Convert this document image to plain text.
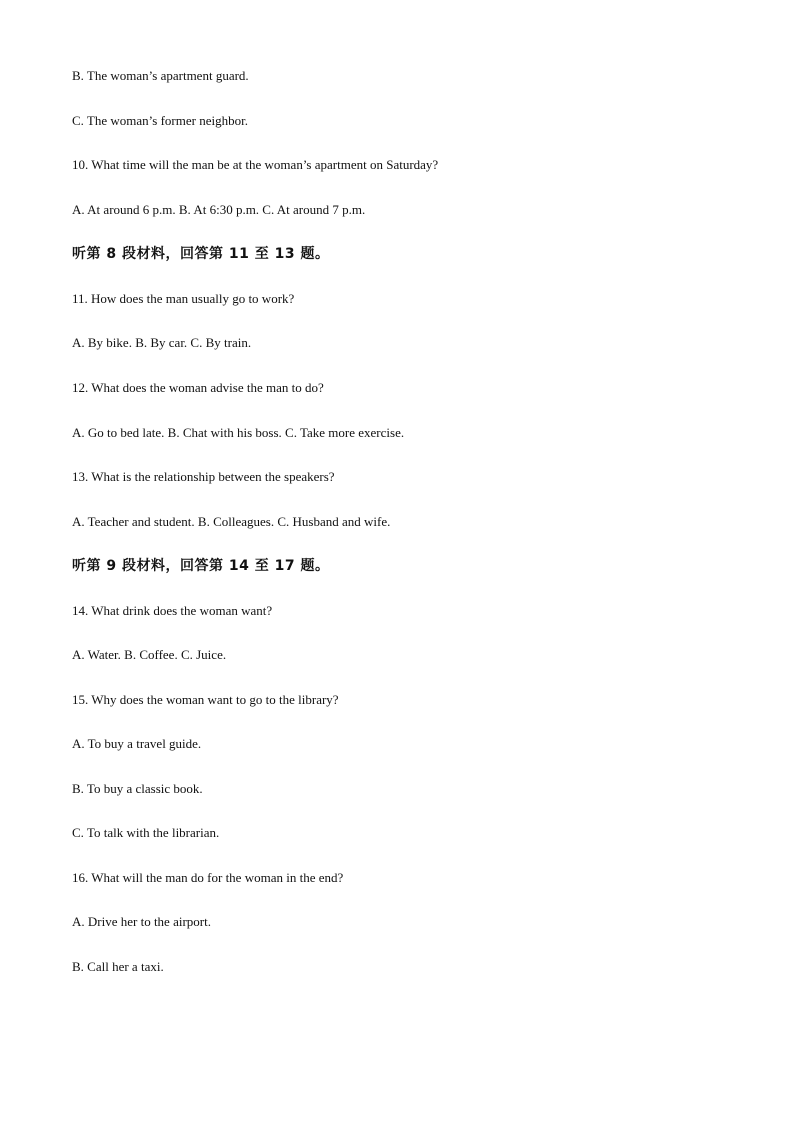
B. The woman’s apartment guard.
C. The woman’s former neighbor.
10. What time will the man be at the woman’s apartment on Saturday?
A. At around 6 p.m. B. At 6:30 p.m. C. At around 7 p.m.
听第 8 段材料，回答第 11 至 13 题。
11. How does the man usually go to work?
A. By bike. B. By car. C. By train.
12. What does the woman advise the man to do?
A. Go to bed late. B. Chat with his boss. C. Take more exercise.
13. What is the relationship between the speakers?
A. Teacher and student. B. Colleagues. C. Husband and wife.
听第 9 段材料，回答第 14 至 17 题。
14. What drink does the woman want?
A. Water. B. Coffee. C. Juice.
15. Why does the woman want to go to the library?
A. To buy a travel guide.
B. To buy a classic book.
C. To talk with the librarian.
16. What will the man do for the woman in the end?
A. Drive her to the airport.
B. Call her a taxi.
